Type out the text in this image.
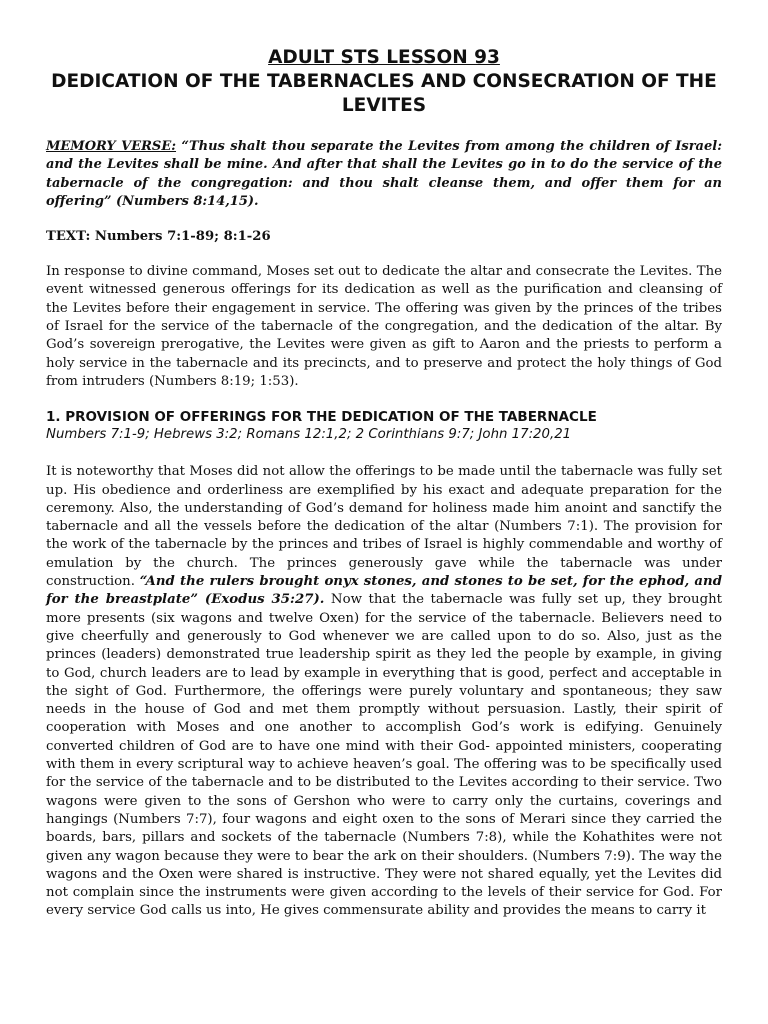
ADULT STS LESSON 93
DEDICATION OF THE TABERNACLES AND CONSECRATION OF THE LEVITES
MEMORY VERSE: “Thus shalt thou separate the Levites from among the children of Israel: and the Levites shall be mine. And after that shall the Levites go in to do the service of the tabernacle of the congregation: and thou shalt cleanse them, and offer them for an offering” (Numbers 8:14,15).
TEXT: Numbers 7:1-89; 8:1-26
In response to divine command, Moses set out to dedicate the altar and consecrate the Levites. The event witnessed generous offerings for its dedication as well as the purification and cleansing of the Levites before their engagement in service. The offering was given by the princes of the tribes of Israel for the service of the tabernacle of the congregation, and the dedication of the altar. By God’s sovereign prerogative, the Levites were given as gift to Aaron and the priests to perform a holy service in the tabernacle and its precincts, and to preserve and protect the holy things of God from intruders (Numbers 8:19; 1:53).
1. PROVISION OF OFFERINGS FOR THE DEDICATION OF THE TABERNACLE
Numbers 7:1-9; Hebrews 3:2; Romans 12:1,2; 2 Corinthians 9:7; John 17:20,21
It is noteworthy that Moses did not allow the offerings to be made until the tabernacle was fully set up. His obedience and orderliness are exemplified by his exact and adequate preparation for the ceremony. Also, the understanding of God’s demand for holiness made him anoint and sanctify the tabernacle and all the vessels before the dedication of the altar (Numbers 7:1). The provision for the work of the tabernacle by the princes and tribes of Israel is highly commendable and worthy of emulation by the church. The princes generously gave while the tabernacle was under construction. “And the rulers brought onyx stones, and stones to be set, for the ephod, and for the breastplate” (Exodus 35:27). Now that the tabernacle was fully set up, they brought more presents (six wagons and twelve Oxen) for the service of the tabernacle. Believers need to give cheerfully and generously to God whenever we are called upon to do so. Also, just as the princes (leaders) demonstrated true leadership spirit as they led the people by example, in giving to God, church leaders are to lead by example in everything that is good, perfect and acceptable in the sight of God. Furthermore, the offerings were purely voluntary and spontaneous; they saw needs in the house of God and met them promptly without persuasion. Lastly, their spirit of cooperation with Moses and one another to accomplish God’s work is edifying. Genuinely converted children of God are to have one mind with their God- appointed ministers, cooperating with them in every scriptural way to achieve heaven’s goal. The offering was to be specifically used for the service of the tabernacle and to be distributed to the Levites according to their service. Two wagons were given to the sons of Gershon who were to carry only the curtains, coverings and hangings (Numbers 7:7), four wagons and eight oxen to the sons of Merari since they carried the boards, bars, pillars and sockets of the tabernacle (Numbers 7:8), while the Kohathites were not given any wagon because they were to bear the ark on their shoulders. (Numbers 7:9). The way the wagons and the Oxen were shared is instructive. They were not shared equally, yet the Levites did not complain since the instruments were given according to the levels of their service for God. For every service God calls us into, He gives commensurate ability and provides the means to carry it
